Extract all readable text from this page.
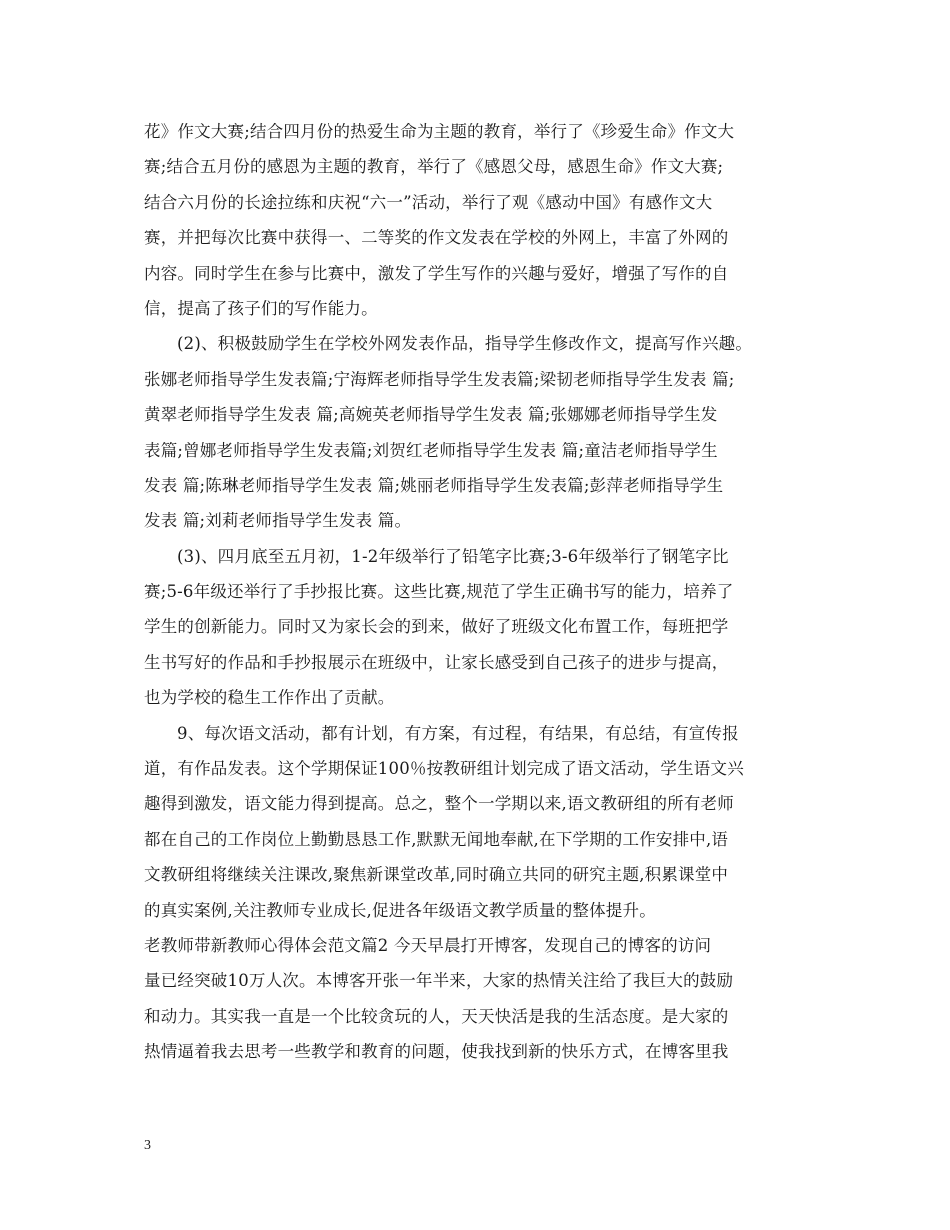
花》作文大赛;结合四月份的热爱生命为主题的教育，举行了《珍爱生命》作文大
赛;结合五月份的感恩为主题的教育，举行了《感恩父母，感恩生命》作文大赛;
结合六月份的长途拉练和庆祝“六一”活动，举行了观《感动中国》有感作文大
赛，并把每次比赛中获得一、二等奖的作文发表在学校的外网上，丰富了外网的
内容。同时学生在参与比赛中，激发了学生写作的兴趣与爱好，增强了写作的自
信，提高了孩子们的写作能力。
(2)、积极鼓励学生在学校外网发表作品，指导学生修改作文，提高写作兴趣。
张娜老师指导学生发表篇;宁海辉老师指导学生发表篇;梁韧老师指导学生发表 篇;
黄翠老师指导学生发表 篇;高婉英老师指导学生发表 篇;张娜娜老师指导学生发
表篇;曾娜老师指导学生发表篇;刘贺红老师指导学生发表 篇;童洁老师指导学生
发表 篇;陈琳老师指导学生发表 篇;姚丽老师指导学生发表篇;彭萍老师指导学生
发表 篇;刘莉老师指导学生发表 篇。
(3)、四月底至五月初，1-2年级举行了铅笔字比赛;3-6年级举行了钢笔字比
赛;5-6年级还举行了手抄报比赛。这些比赛,规范了学生正确书写的能力，培养了
学生的创新能力。同时又为家长会的到来，做好了班级文化布置工作，每班把学
生书写好的作品和手抄报展示在班级中，让家长感受到自己孩子的进步与提高，
也为学校的稳生工作作出了贡献。
9、每次语文活动，都有计划，有方案，有过程，有结果，有总结，有宣传报
道，有作品发表。这个学期保证100％按教研组计划完成了语文活动，学生语文兴
趣得到激发，语文能力得到提高。总之，整个一学期以来,语文教研组的所有老师
都在自己的工作岗位上勤勤恳恳工作,默默无闻地奉献,在下学期的工作安排中,语
文教研组将继续关注课改,聚焦新课堂改革,同时确立共同的研究主题,积累课堂中
的真实案例,关注教师专业成长,促进各年级语文教学质量的整体提升。
老教师带新教师心得体会范文篇2 今天早晨打开博客，发现自己的博客的访问
量已经突破10万人次。本博客开张一年半来，大家的热情关注给了我巨大的鼓励
和动力。其实我一直是一个比较贪玩的人，天天快活是我的生活态度。是大家的
热情逼着我去思考一些教学和教育的问题，使我找到新的快乐方式，在博客里我
3
